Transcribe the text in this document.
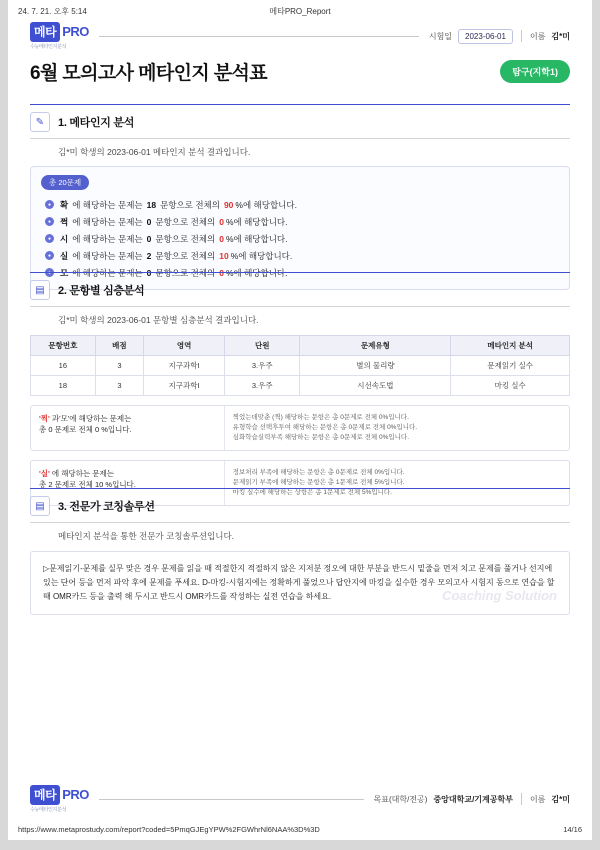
24. 7. 21. 오후 5:14	메타PRO_Report
메타 PRO
수능메타인지분석
시험일	2023-06-01	이름 김*미
6월 모의고사 메타인지 분석표	탐구(지학1)
✎	1. 메타인지 분석
김*미 학생의 2023-06-01 메타인지 분석 결과입니다.
총 20문제
●	확 에 해당하는 문제는 18 문항으로 전체의 90 %에 해당합니다.
●	쩍 에 해당하는 문제는 0 문항으로 전체의 0 %에 해당합니다.
●	시 에 해당하는 문제는 0 문항으로 전체의 0 %에 해당합니다.
●	실 에 해당하는 문제는 2 문항으로 전체의 10 %에 해당합니다.
●	모 에 해당하는 문제는 0 문항으로 전체의 0 %에 해당합니다.
▤	2. 문항별 심층분석
김*미 학생의 2023-06-01 문항별 심층분석 결과입니다.
문항번호	배점	영역	단원	문제유형	메타인지 분석
16	3	지구과학I	3.우주	별의 물리량	문제읽기 실수
18	3	지구과학I	3.우주	시선속도법	마킹 실수
'찍' 과'모'에 해당하는 문제는
총 0 문제로 전체 0 %입니다.
찍었는데맞춘 (찍) 해당하는 문항은 총 0문제로 전체 0%입니다.
유형학습 선택후투여 해당하는 문항은 총 0문제로 전체 0%입니다.
심화학습실력부족 해당하는 문항은 총 0문제로 전체 0%입니다.
'실' 에 해당하는 문제는
총 2 문제로 전체 10 %입니다.
정보처리 부족에 해당하는 문항은 총 0문제로 전체 0%입니다.
문제읽기 부족에 해당하는 문항은 총 1문제로 전체 5%입니다.
마킹 실수에 해당하는 상항은 총 1문제로 전체 5%입니다.
▤	3. 전문가 코칭솔루션
메타인지 분석을 통한 전문가 코칭솔루션입니다.
▷문제읽기-문제를 실무 맞은 경우 문제를 읽을 때 적절한지 적절하지 않은 지저분 정오에 대한 부분을 반드시 밑줄을 먼저 치고 문제를 풀거나 선지에 있는 단어 등을 먼저 파악 후에 문제를 푸세요. D-마킹-시험지에는 정확하게 풀었으나 답안지에 마킹을 실수한 경우 모의고사 시험지 동으로 연습을 할 때 OMR카드 등을 출력 해 두시고 반드시 OMR카드를 작성하는 실전 연습을 하세요.	Coaching Solution
메타 PRO
수능메타인지분석
목표(대학/전공) 중앙대학교/기계공학부 이름 김*미
https://www.metaprostudy.com/report?coded=5PmqGJEgYPW%2FGWhrNl6NAA%3D%3D	14/16
